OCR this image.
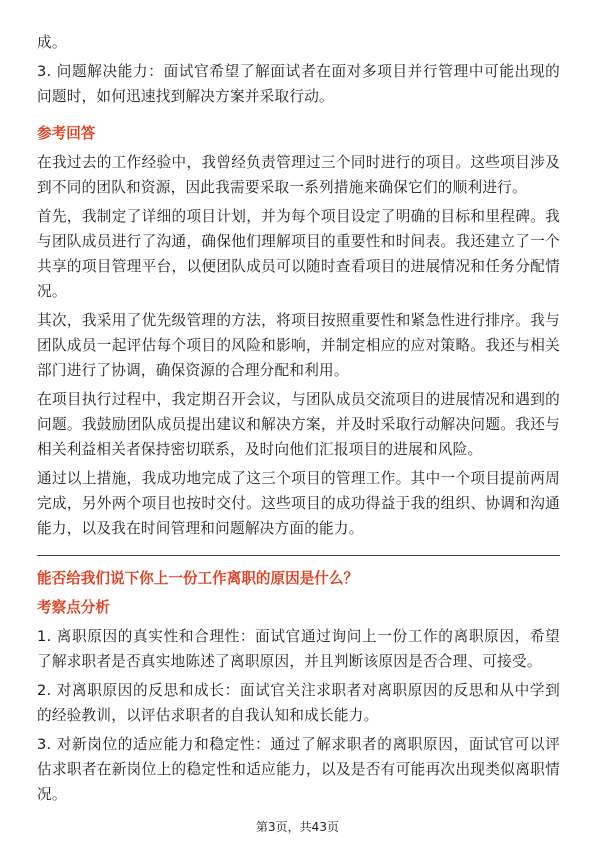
成。

3. 问题解决能力：面试官希望了解面试者在面对多项目并行管理中可能出现的问题时，如何迅速找到解决方案并采取行动。

参考回答

在我过去的工作经验中，我曾经负责管理过三个同时进行的项目。这些项目涉及到不同的团队和资源，因此我需要采取一系列措施来确保它们的顺利进行。

首先，我制定了详细的项目计划，并为每个项目设定了明确的目标和里程碑。我与团队成员进行了沟通，确保他们理解项目的重要性和时间表。我还建立了一个共享的项目管理平台，以便团队成员可以随时查看项目的进展情况和任务分配情况。

其次，我采用了优先级管理的方法，将项目按照重要性和紧急性进行排序。我与团队成员一起评估每个项目的风险和影响，并制定相应的应对策略。我还与相关部门进行了协调，确保资源的合理分配和利用。

在项目执行过程中，我定期召开会议，与团队成员交流项目的进展情况和遇到的问题。我鼓励团队成员提出建议和解决方案，并及时采取行动解决问题。我还与相关利益相关者保持密切联系，及时向他们汇报项目的进展和风险。

通过以上措施，我成功地完成了这三个项目的管理工作。其中一个项目提前两周完成，另外两个项目也按时交付。这些项目的成功得益于我的组织、协调和沟通能力，以及我在时间管理和问题解决方面的能力。

能否给我们说下你上一份工作离职的原因是什么？
考察点分析

1. 离职原因的真实性和合理性：面试官通过询问上一份工作的离职原因，希望了解求职者是否真实地陈述了离职原因，并且判断该原因是否合理、可接受。

2. 对离职原因的反思和成长：面试官关注求职者对离职原因的反思和从中学到的经验教训，以评估求职者的自我认知和成长能力。

3. 对新岗位的适应能力和稳定性：通过了解求职者的离职原因，面试官可以评估求职者在新岗位上的稳定性和适应能力，以及是否有可能再次出现类似离职情况。

第3页，共43页
